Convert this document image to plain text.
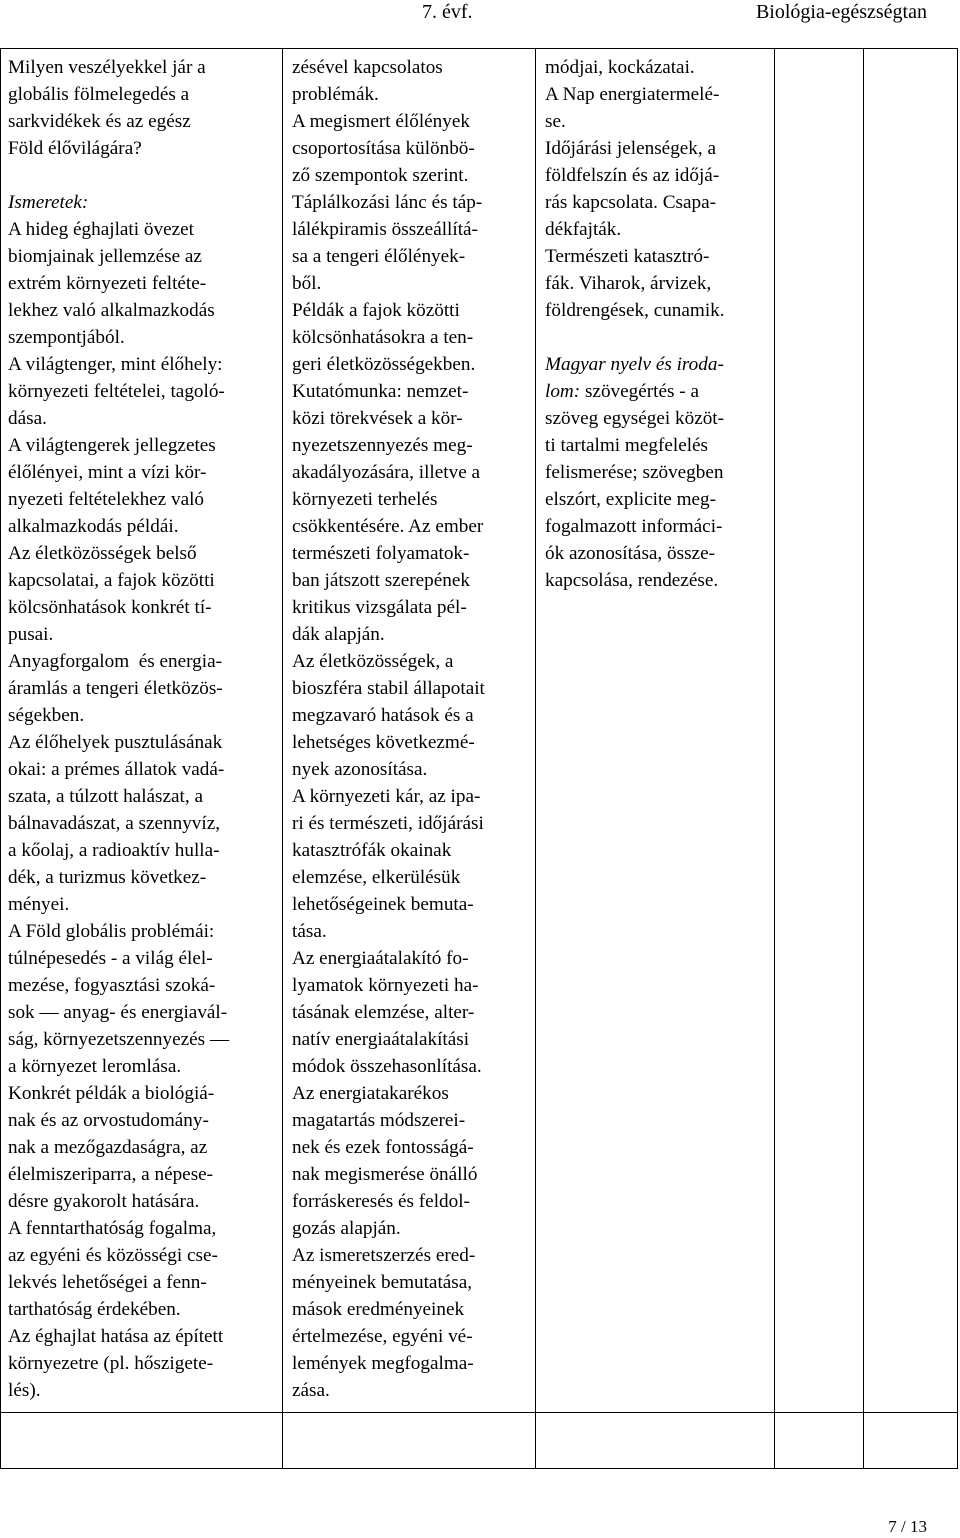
7. évf.	Biológia-egészségtan
Milyen veszélyekkel jár a
globális fölmelegedés a
sarkvidékek és az egész
Föld élővilágára?
Ismeretek:
A hideg éghajlati övezet
biomjainak jellemzése az
extrém környezeti feltéte-
lekhez való alkalmazkodás
szempontjából.
A világtenger, mint élőhely:
környezeti feltételei, tagoló-
dása.
A világtengerek jellegzetes
élőlényei, mint a vízi kör-
nyezeti feltételekhez való
alkalmazkodás példái.
Az életközösségek belső
kapcsolatai, a fajok közötti
kölcsönhatások konkrét tí-
pusai.
Anyagforgalom  és energia-
áramlás a tengeri életközös-
ségekben.
Az élőhelyek pusztulásának
okai: a prémes állatok vadá-
szata, a túlzott halászat, a
bálnavadászat, a szennyvíz,
a kőolaj, a radioaktív hulla-
dék, a turizmus következ-
ményei.
A Föld globális problémái:
túlnépesedés - a világ élel-
mezése, fogyasztási szoká-
sok — anyag- és energiavál-
ság, környezetszennyezés —
a környezet leromlása.
Konkrét példák a biológiá-
nak és az orvostudomány-
nak a mezőgazdaságra, az
élelmiszeriparra, a népese-
désre gyakorolt hatására.
A fenntarthatóság fogalma,
az egyéni és közösségi cse-
lekvés lehetőségei a fenn-
tarthatóság érdekében.
Az éghajlat hatása az épített
környezetre (pl. hőszigete-
lés).
zésével kapcsolatos
problémák.
A megismert élőlények
csoportosítása különbö-
ző szempontok szerint.
Táplálkozási lánc és táp-
lálékpiramis összeállítá-
sa a tengeri élőlények-
ből.
Példák a fajok közötti
kölcsönhatásokra a ten-
geri életközösségekben.
Kutatómunka: nemzet-
közi törekvések a kör-
nyezetszennyezés meg-
akadályozására, illetve a
környezeti terhelés
csökkentésére. Az ember
természeti folyamatok-
ban játszott szerepének
kritikus vizsgálata pél-
dák alapján.
Az életközösségek, a
bioszféra stabil állapotait
megzavaró hatások és a
lehetséges következmé-
nyek azonosítása.
A környezeti kár, az ipa-
ri és természeti, időjárási
katasztrófák okainak
elemzése, elkerülésük
lehetőségeinek bemuta-
tása.
Az energiaátalakító fo-
lyamatok környezeti ha-
tásának elemzése, alter-
natív energiaátalakítási
módok összehasonlítása.
Az energiatakarékos
magatartás módszerei-
nek és ezek fontosságá-
nak megismerése önálló
forráskeresés és feldol-
gozás alapján.
Az ismeretszerzés ered-
ményeinek bemutatása,
mások eredményeinek
értelmezése, egyéni vé-
lemények megfogalma-
zása.
módjai, kockázatai.
A Nap energiatermelé-
se.
Időjárási jelenségek, a
földfelszín és az időjá-
rás kapcsolata. Csapa-
dékfajták.
Természeti katasztró-
fák. Viharok, árvizek,
földrengések, cunamik.
Magyar nyelv és iroda-
lom: szövegértés - a
szöveg egységei közöt-
ti tartalmi megfelelés
felismerése; szövegben
elszórt, explicite meg-
fogalmazott informáci-
ók azonosítása, össze-
kapcsolása, rendezése.
7 / 13
